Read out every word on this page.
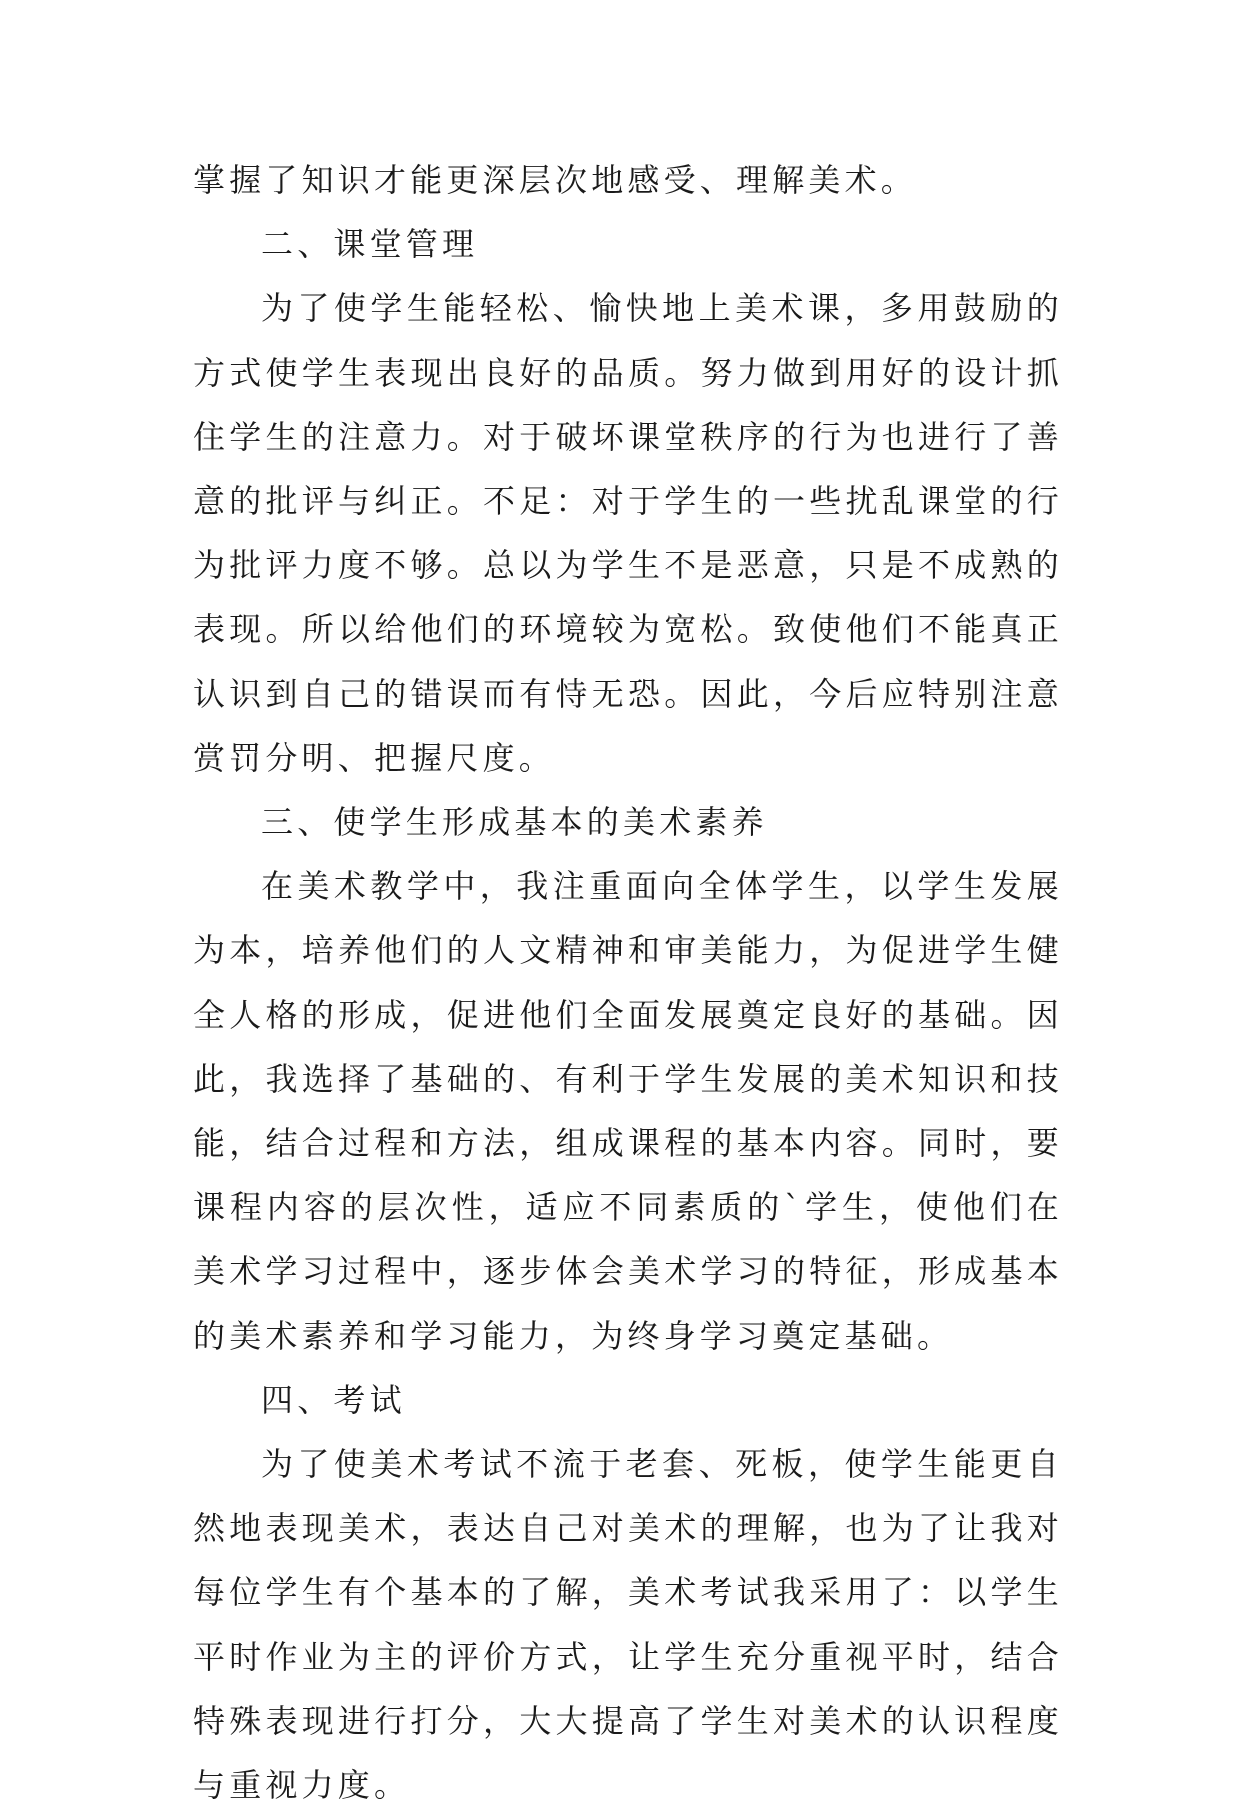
掌握了知识才能更深层次地感受、理解美术。

二、课堂管理

为了使学生能轻松、愉快地上美术课，多用鼓励的方式使学生表现出良好的品质。努力做到用好的设计抓住学生的注意力。对于破坏课堂秩序的行为也进行了善意的批评与纠正。不足：对于学生的一些扰乱课堂的行为批评力度不够。总以为学生不是恶意，只是不成熟的表现。所以给他们的环境较为宽松。致使他们不能真正认识到自己的错误而有恃无恐。因此，今后应特别注意赏罚分明、把握尺度。

三、使学生形成基本的美术素养

在美术教学中，我注重面向全体学生，以学生发展为本，培养他们的人文精神和审美能力，为促进学生健全人格的形成，促进他们全面发展奠定良好的基础。因此，我选择了基础的、有利于学生发展的美术知识和技能，结合过程和方法，组成课程的基本内容。同时，要课程内容的层次性，适应不同素质的`学生，使他们在美术学习过程中，逐步体会美术学习的特征，形成基本的美术素养和学习能力，为终身学习奠定基础。

四、考试

为了使美术考试不流于老套、死板，使学生能更自然地表现美术，表达自己对美术的理解，也为了让我对每位学生有个基本的了解，美术考试我采用了：以学生平时作业为主的评价方式，让学生充分重视平时，结合特殊表现进行打分，大大提高了学生对美术的认识程度与重视力度。
